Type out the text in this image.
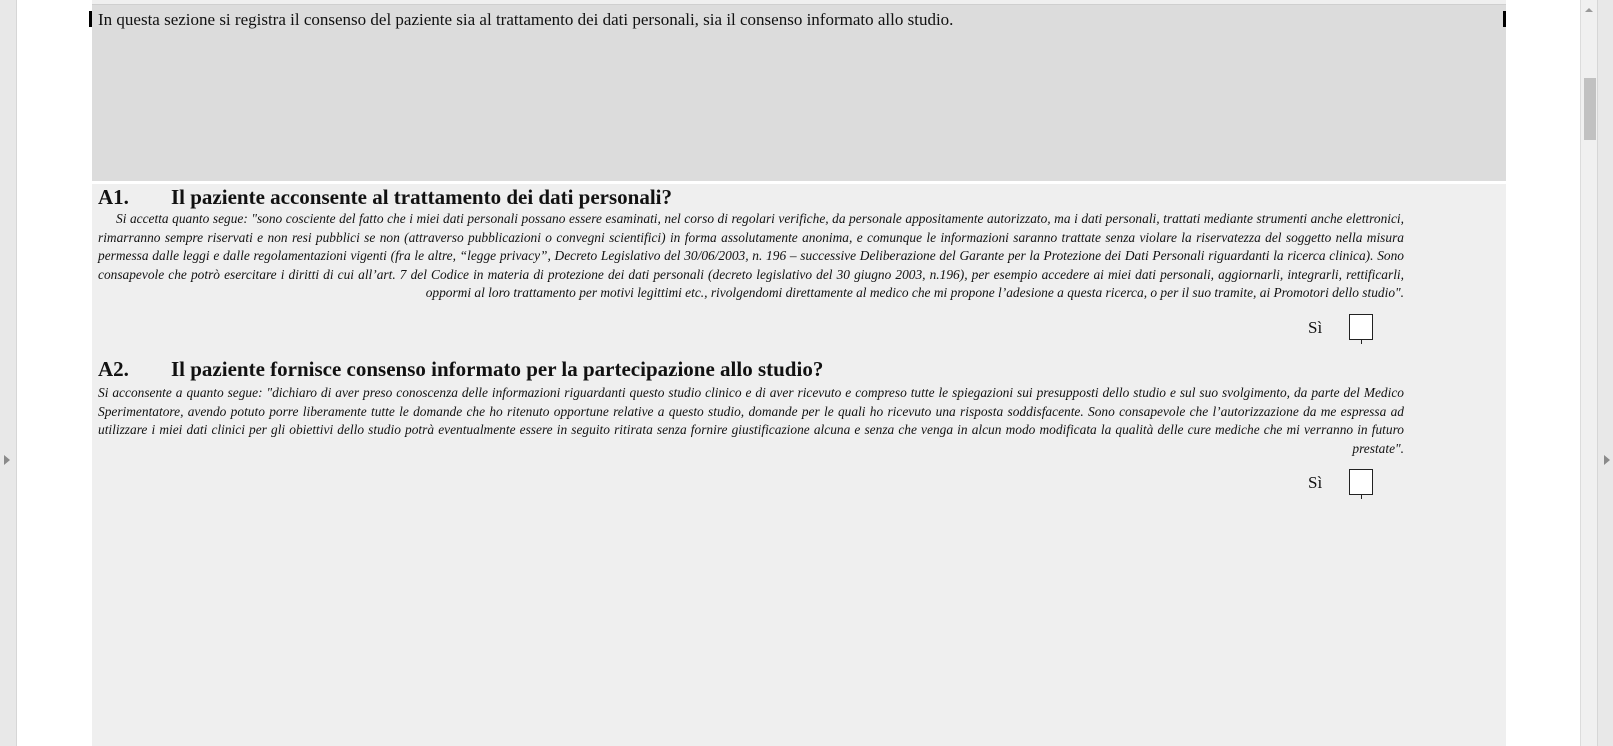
In questa sezione si registra il consenso del paziente sia al trattamento dei dati personali, sia il consenso informato allo studio.
A1. Il paziente acconsente al trattamento dei dati personali?
Si accetta quanto segue: "sono cosciente del fatto che i miei dati personali possano essere esaminati, nel corso di regolari verifiche, da personale appositamente autorizzato, ma i dati personali, trattati mediante strumenti anche elettronici, rimarranno sempre riservati e non resi pubblici se non (attraverso pubblicazioni o convegni scientifici) in forma assolutamente anonima, e comunque le informazioni saranno trattate senza violare la riservatezza del soggetto nella misura permessa dalle leggi e dalle regolamentazioni vigenti (fra le altre, “legge privacy”, Decreto Legislativo del 30/06/2003, n. 196 – successive Deliberazione del Garante per la Protezione dei Dati Personali riguardanti la ricerca clinica). Sono consapevole che potrò esercitare i diritti di cui all’art. 7 del Codice in materia di protezione dei dati personali (decreto legislativo del 30 giugno 2003, n.196), per esempio accedere ai miei dati personali, aggiornarli, integrarli, rettificarli, oppormi al loro trattamento per motivi legittimi etc., rivolgendomi direttamente al medico che mi propone l’adesione a questa ricerca, o per il suo tramite, ai Promotori dello studio".
Sì
A2. Il paziente fornisce consenso informato per la partecipazione allo studio?
Si acconsente a quanto segue: "dichiaro di aver preso conoscenza delle informazioni riguardanti questo studio clinico e di aver ricevuto e compreso tutte le spiegazioni sui presupposti dello studio e sul suo svolgimento, da parte del Medico Sperimentatore, avendo potuto porre liberamente tutte le domande che ho ritenuto opportune relative a questo studio, domande per le quali ho ricevuto una risposta soddisfacente. Sono consapevole che l’autorizzazione da me espressa ad utilizzare i miei dati clinici per gli obiettivi dello studio potrà eventualmente essere in seguito ritirata senza fornire giustificazione alcuna e senza che venga in alcun modo modificata la qualità delle cure mediche che mi verranno in futuro prestate".
Sì
